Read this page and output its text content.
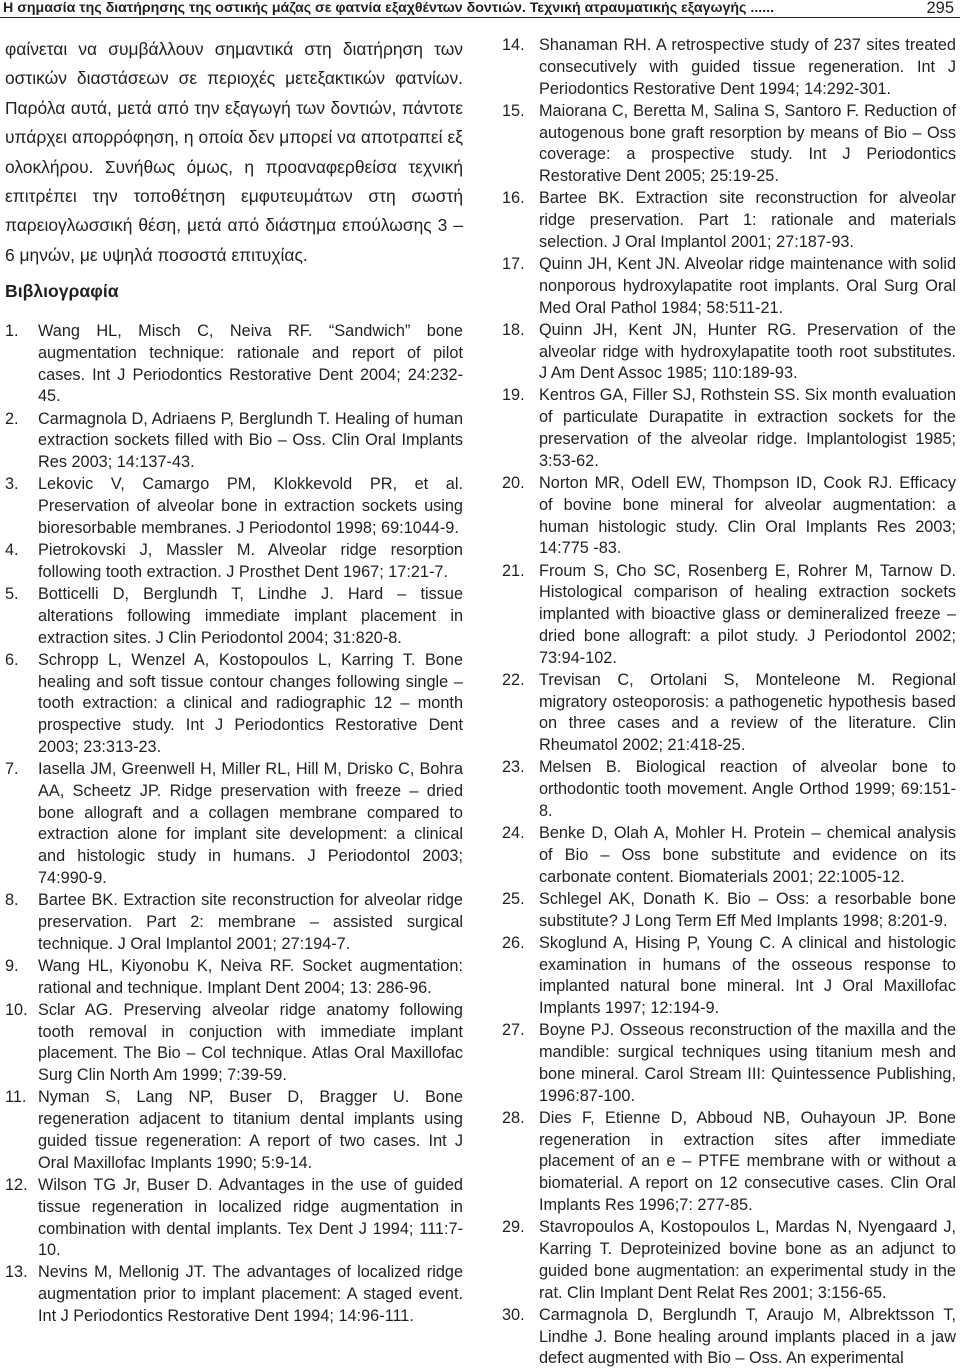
Η σημασία της διατήρησης της οστικής μάζας σε φατνία εξαχθέντων δοντιών. Τεχνική ατραυματικής εξαγωγής ......	295

φαίνεται να συμβάλλουν σημαντικά στη διατήρηση των οστικών διαστάσεων σε περιοχές μετεξακτικών φατνίων. Παρόλα αυτά, μετά από την εξαγωγή των δοντιών, πάντοτε υπάρχει απορρόφηση, η οποία δεν μπορεί να αποτραπεί εξ ολοκλήρου. Συνήθως όμως, η προαναφερθείσα τεχνική επιτρέπει την τοποθέτηση εμφυτευμάτων στη σωστή παρειογλωσσική θέση, μετά από διάστημα επούλωσης 3 – 6 μηνών, με υψηλά ποσοστά επιτυχίας.

Βιβλιογραφία
1. Wang HL, Misch C, Neiva RF. “Sandwich” bone augmentation technique: rationale and report of pilot cases. Int J Periodontics Restorative Dent 2004; 24:232-45.
2. Carmagnola D, Adriaens P, Berglundh T. Healing of human extraction sockets filled with Bio – Oss. Clin Oral Implants Res 2003; 14:137-43.
3. Lekovic V, Camargo PM, Klokkevold PR, et al. Preservation of alveolar bone in extraction sockets using bioresorbable membranes. J Periodontol 1998; 69:1044-9.
4. Pietrokovski J, Massler M. Alveolar ridge resorption following tooth extraction. J Prosthet Dent 1967; 17:21-7.
5. Botticelli D, Berglundh T, Lindhe J. Hard – tissue alterations following immediate implant placement in extraction sites. J Clin Periodontol 2004; 31:820-8.
6. Schropp L, Wenzel A, Kostopoulos L, Karring T. Bone healing and soft tissue contour changes following single – tooth extraction: a clinical and radiographic 12 – month prospective study. Int J Periodontics Restorative Dent 2003; 23:313-23.
7. Iasella JM, Greenwell H, Miller RL, Hill M, Drisko C, Bohra AA, Scheetz JP. Ridge preservation with freeze – dried bone allograft and a collagen membrane compared to extraction alone for implant site development: a clinical and histologic study in humans. J Periodontol 2003; 74:990-9.
8. Bartee BK. Extraction site reconstruction for alveolar ridge preservation. Part 2: membrane – assisted surgical technique. J Oral Implantol 2001; 27:194-7.
9. Wang HL, Kiyonobu K, Neiva RF. Socket augmentation: rational and technique. Implant Dent 2004; 13: 286-96.
10. Sclar AG. Preserving alveolar ridge anatomy following tooth removal in conjuction with immediate implant placement. The Bio – Col technique. Atlas Oral Maxillofac Surg Clin North Am 1999; 7:39-59.
11. Nyman S, Lang NP, Buser D, Bragger U. Bone regeneration adjacent to titanium dental implants using guided tissue regeneration: A report of two cases. Int J Oral Maxillofac Implants 1990; 5:9-14.
12. Wilson TG Jr, Buser D. Advantages in the use of guided tissue regeneration in localized ridge augmentation in combination with dental implants. Tex Dent J 1994; 111:7-10.
13. Nevins M, Mellonig JT. The advantages of localized ridge augmentation prior to implant placement: A staged event. Int J Periodontics Restorative Dent 1994; 14:96-111.
14. Shanaman RH. A retrospective study of 237 sites treated consecutively with guided tissue regeneration. Int J Periodontics Restorative Dent 1994; 14:292-301.
15. Maiorana C, Beretta M, Salina S, Santoro F. Reduction of autogenous bone graft resorption by means of Bio – Oss coverage: a prospective study. Int J Periodontics Restorative Dent 2005; 25:19-25.
16. Bartee BK. Extraction site reconstruction for alveolar ridge preservation. Part 1: rationale and materials selection. J Oral Implantol 2001; 27:187-93.
17. Quinn JH, Kent JN. Alveolar ridge maintenance with solid nonporous hydroxylapatite root implants. Oral Surg Oral Med Oral Pathol 1984; 58:511-21.
18. Quinn JH, Kent JN, Hunter RG. Preservation of the alveolar ridge with hydroxylapatite tooth root substitutes. J Am Dent Assoc 1985; 110:189-93.
19. Kentros GA, Filler SJ, Rothstein SS. Six month evaluation of particulate Durapatite in extraction sockets for the preservation of the alveolar ridge. Implantologist 1985; 3:53-62.
20. Norton MR, Odell EW, Thompson ID, Cook RJ. Efficacy of bovine bone mineral for alveolar augmentation: a human histologic study. Clin Oral Implants Res 2003; 14:775 -83.
21. Froum S, Cho SC, Rosenberg E, Rohrer M, Tarnow D. Histological comparison of healing extraction sockets implanted with bioactive glass or demineralized freeze – dried bone allograft: a pilot study. J Periodontol 2002; 73:94-102.
22. Trevisan C, Ortolani S, Monteleone M. Regional migratory osteoporosis: a pathogenetic hypothesis based on three cases and a review of the literature. Clin Rheumatol 2002; 21:418-25.
23. Melsen B. Biological reaction of alveolar bone to orthodontic tooth movement. Angle Orthod 1999; 69:151-8.
24. Benke D, Olah A, Mohler H. Protein – chemical analysis of Bio – Oss bone substitute and evidence on its carbonate content. Biomaterials 2001; 22:1005-12.
25. Schlegel AK, Donath K. Bio – Oss: a resorbable bone substitute? J Long Term Eff Med Implants 1998; 8:201-9.
26. Skoglund A, Hising P, Young C. A clinical and histologic examination in humans of the osseous response to implanted natural bone mineral. Int J Oral Maxillofac Implants 1997; 12:194-9.
27. Boyne PJ. Osseous reconstruction of the maxilla and the mandible: surgical techniques using titanium mesh and bone mineral. Carol Stream III: Quintessence Publishing, 1996:87-100.
28. Dies F, Etienne D, Abboud NB, Ouhayoun JP. Bone regeneration in extraction sites after immediate placement of an e – PTFE membrane with or without a biomaterial. A report on 12 consecutive cases. Clin Oral Implants Res 1996;7: 277-85.
29. Stavropoulos A, Kostopoulos L, Mardas N, Nyengaard J, Karring T. Deproteinized bovine bone as an adjunct to guided bone augmentation: an experimental study in the rat. Clin Implant Dent Relat Res 2001; 3:156-65.
30. Carmagnola D, Berglundh T, Araujo M, Albrektsson T, Lindhe J. Bone healing around implants placed in a jaw defect augmented with Bio – Oss. An experimental
